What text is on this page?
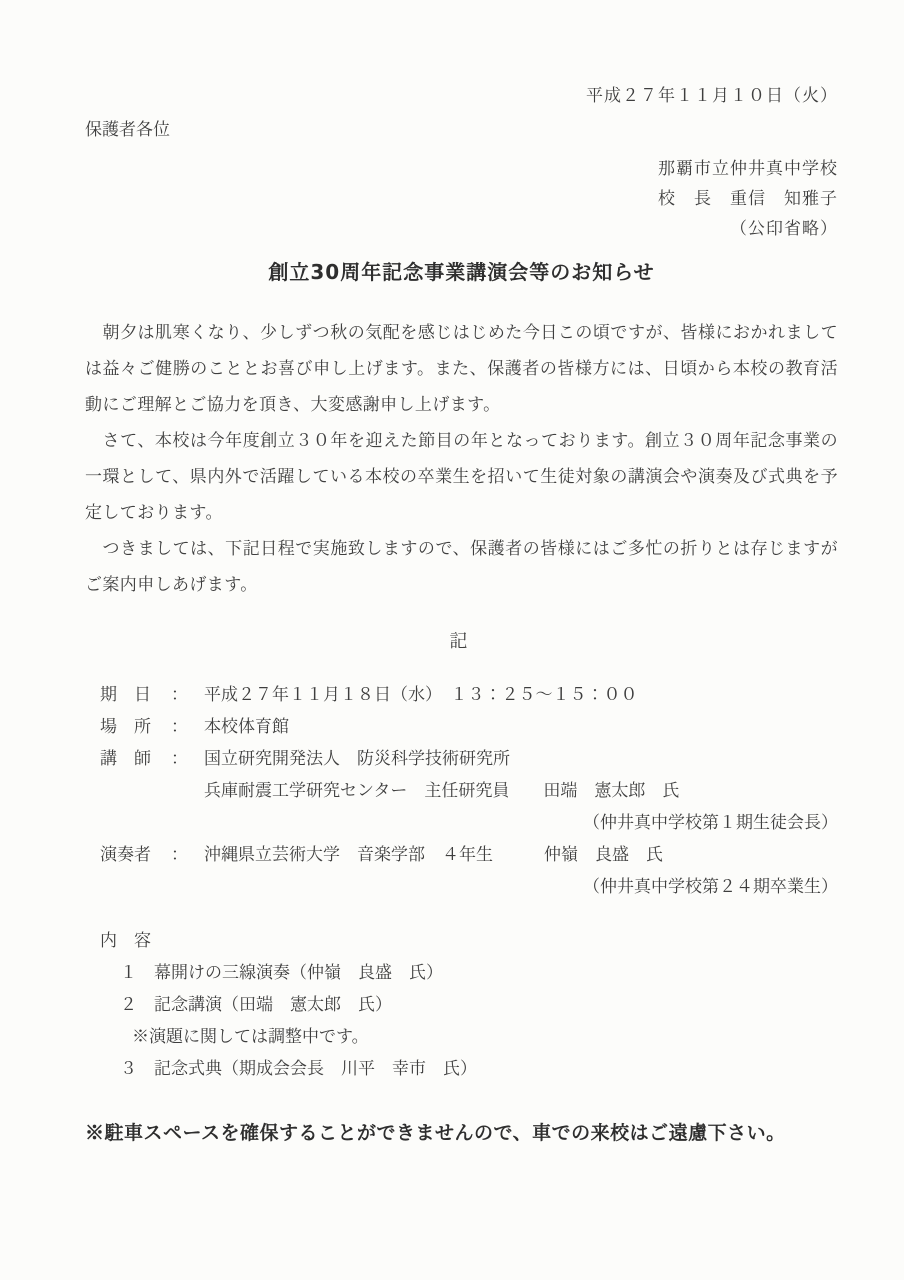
平成２７年１１月１０日（火）
保護者各位
那覇市立仲井真中学校
校　長　重信　知雅子
（公印省略）
創立30周年記念事業講演会等のお知らせ

　朝夕は肌寒くなり、少しずつ秋の気配を感じはじめた今日この頃ですが、皆様におかれましては益々ご健勝のこととお喜び申し上げます。また、保護者の皆様方には、日頃から本校の教育活動にご理解とご協力を頂き、大変感謝申し上げます。

　さて、本校は今年度創立３０年を迎えた節目の年となっております。創立３０周年記念事業の一環として、県内外で活躍している本校の卒業生を招いて生徒対象の講演会や演奏及び式典を予定しております。

　つきましては、下記日程で実施致しますので、保護者の皆様にはご多忙の折りとは存じますがご案内申しあげます。

記
期　日 ： 平成２７年１１月１８日（水）　１３：２５～１５：００
場　所 ： 本校体育館
講　師 ： 国立研究開発法人　防災科学技術研究所
兵庫耐震工学研究センター　主任研究員　　田端　憲太郎　氏
（仲井真中学校第１期生徒会長）
演奏者 ： 沖縄県立芸術大学　音楽学部　４年生　　　仲嶺　良盛　氏
（仲井真中学校第２４期卒業生）
内　容
１　幕開けの三線演奏（仲嶺　良盛　氏）
２　記念講演（田端　憲太郎　氏）
※演題に関しては調整中です。
３　記念式典（期成会会長　川平　幸市　氏）
※駐車スペースを確保することができませんので、車での来校はご遠慮下さい。
